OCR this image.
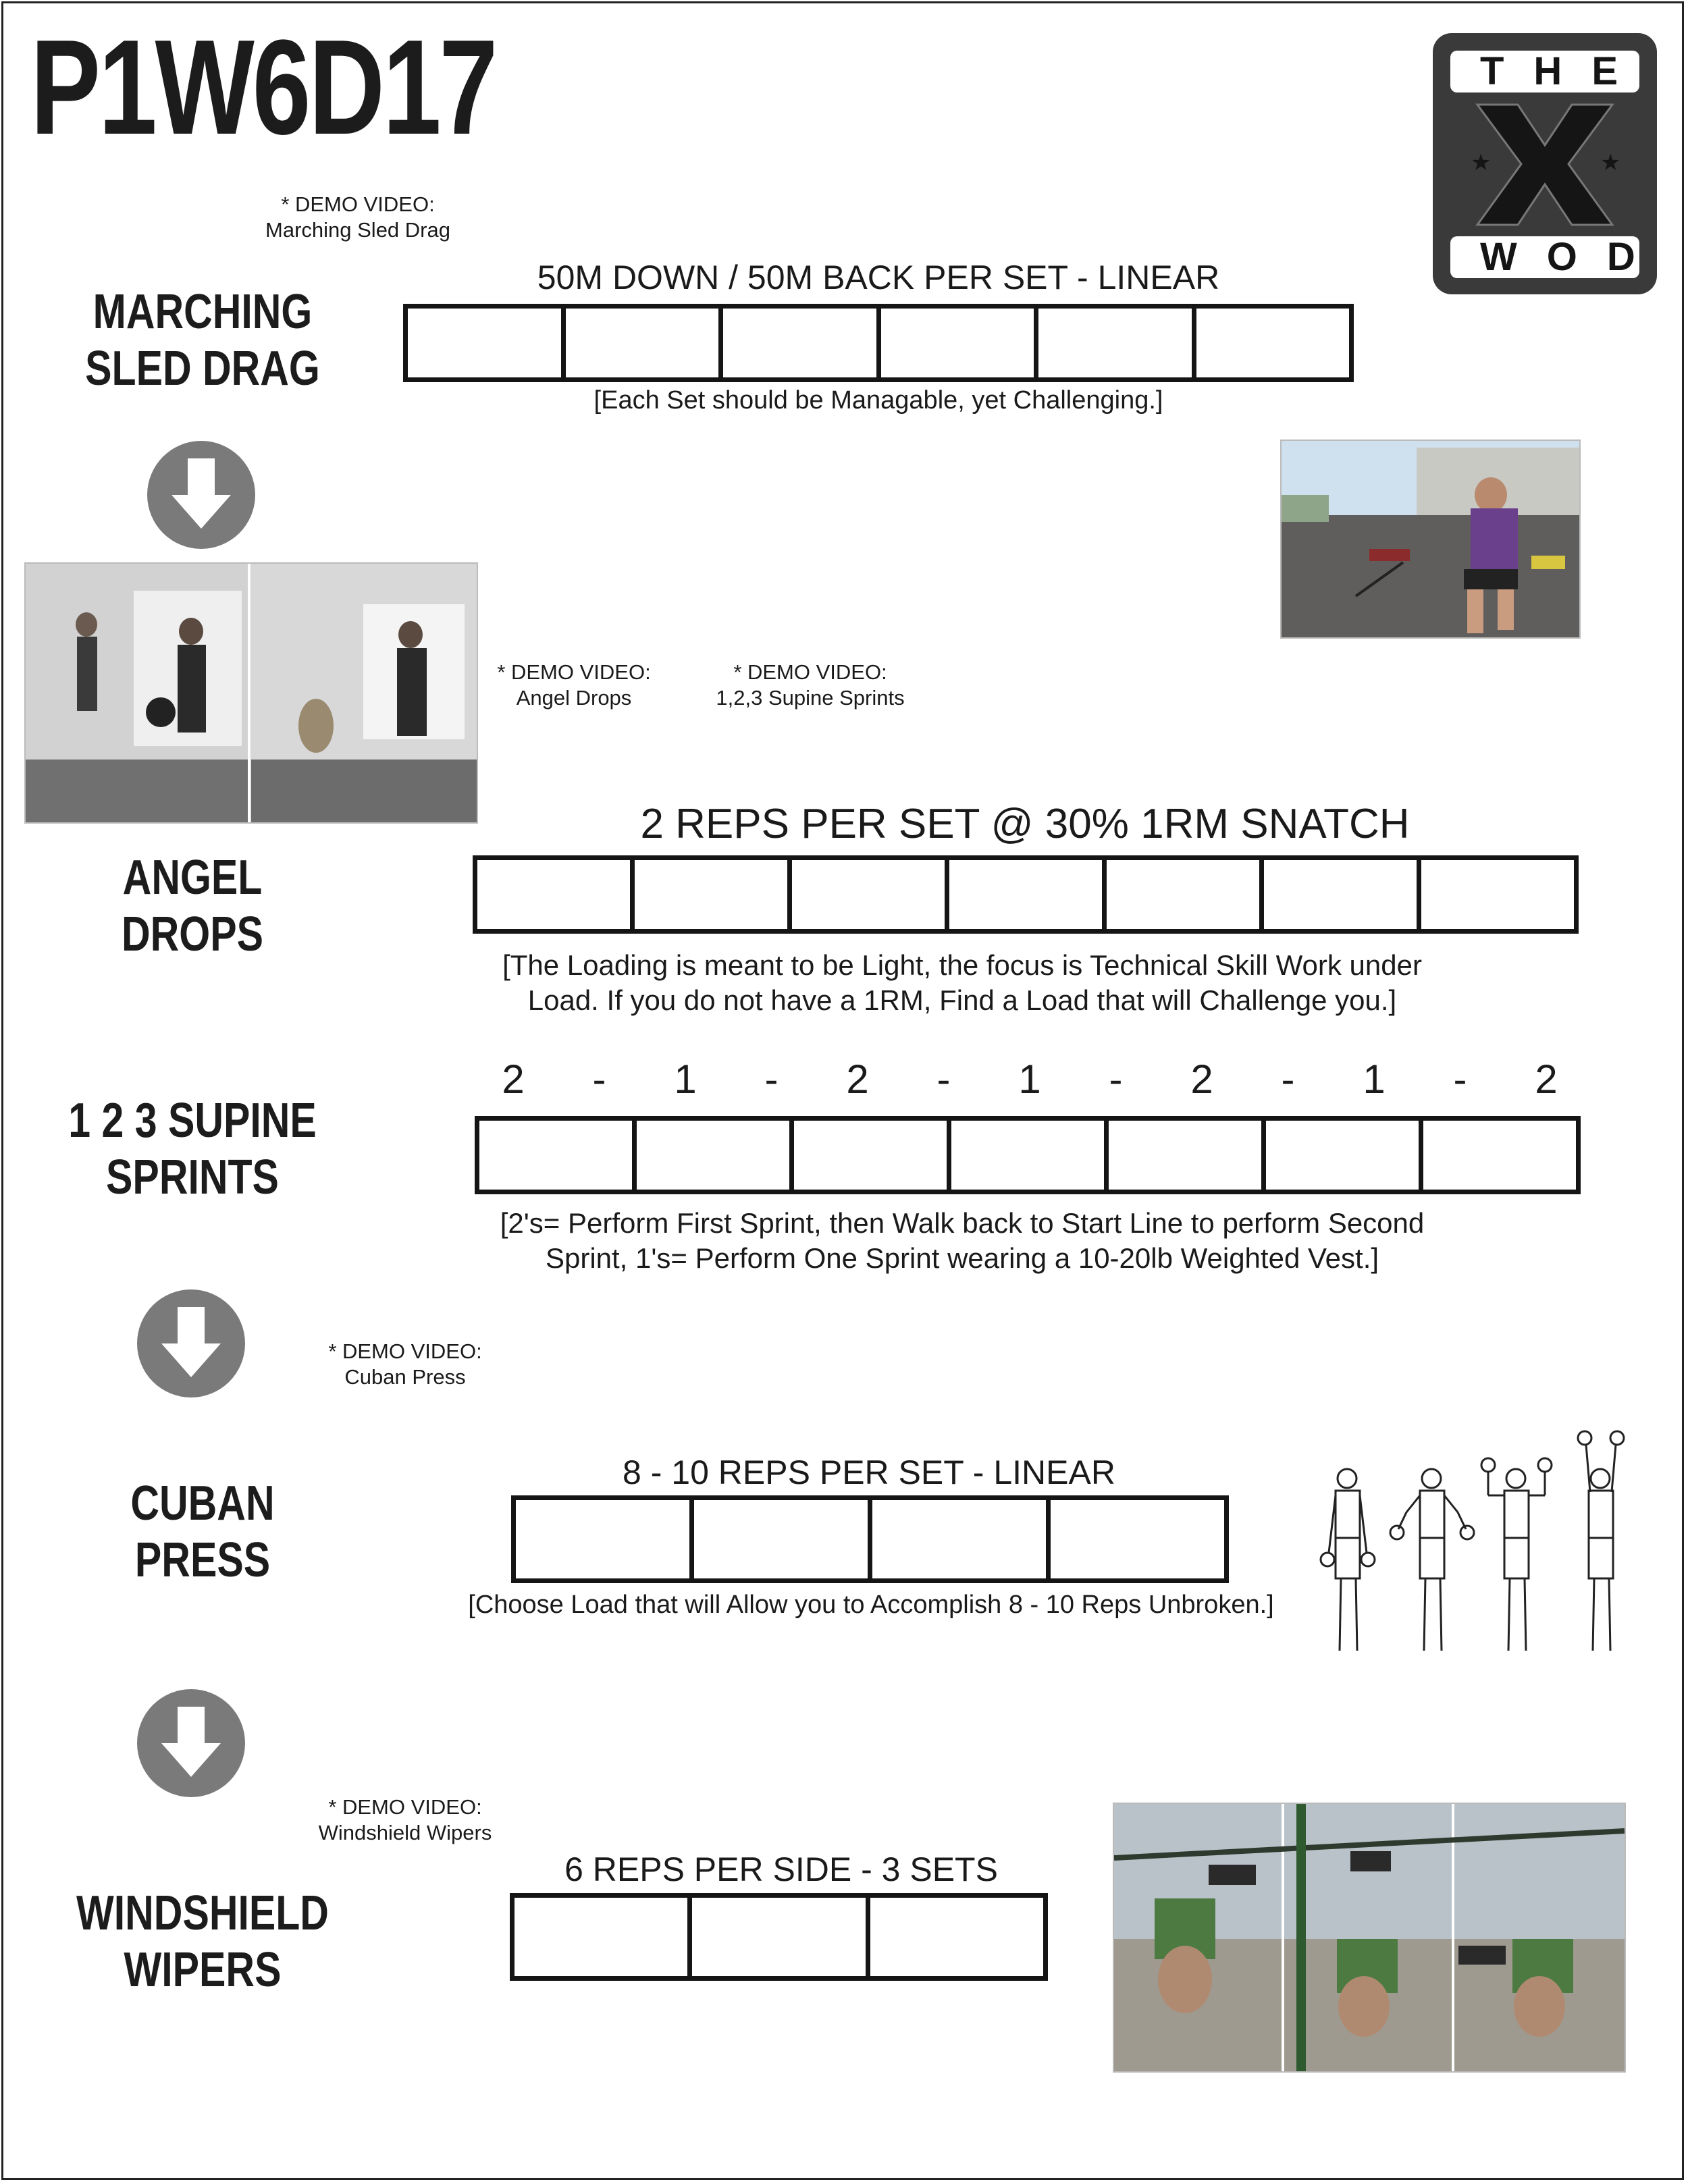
P1W6D17	★	★
THE
WOD
* DEMO VIDEO:
Marching Sled Drag
MARCHING
SLED DRAG
50M DOWN / 50M BACK PER SET - LINEAR
[Each Set should be Managable, yet Challenging.]
* DEMO VIDEO:
Angel Drops
* DEMO VIDEO:
1,2,3 Supine Sprints
ANGEL
DROPS
2 REPS PER SET @ 30% 1RM SNATCH
[The Loading is meant to be Light, the focus is Technical Skill Work under
Load. If you do not have a 1RM, Find a Load that will Challenge you.]
2	-	1	-	2	-	1	-	2	-	1	-	2
1 2 3 SUPINE
SPRINTS
[2's= Perform First Sprint, then Walk back to Start Line to perform Second
Sprint, 1's= Perform One Sprint wearing a 10-20lb Weighted Vest.]
* DEMO VIDEO:
Cuban Press
CUBAN
PRESS
8 - 10 REPS PER SET - LINEAR
[Choose Load that will Allow you to Accomplish 8 - 10 Reps Unbroken.]
* DEMO VIDEO:
Windshield Wipers
WINDSHIELD
WIPERS
6 REPS PER SIDE - 3 SETS
